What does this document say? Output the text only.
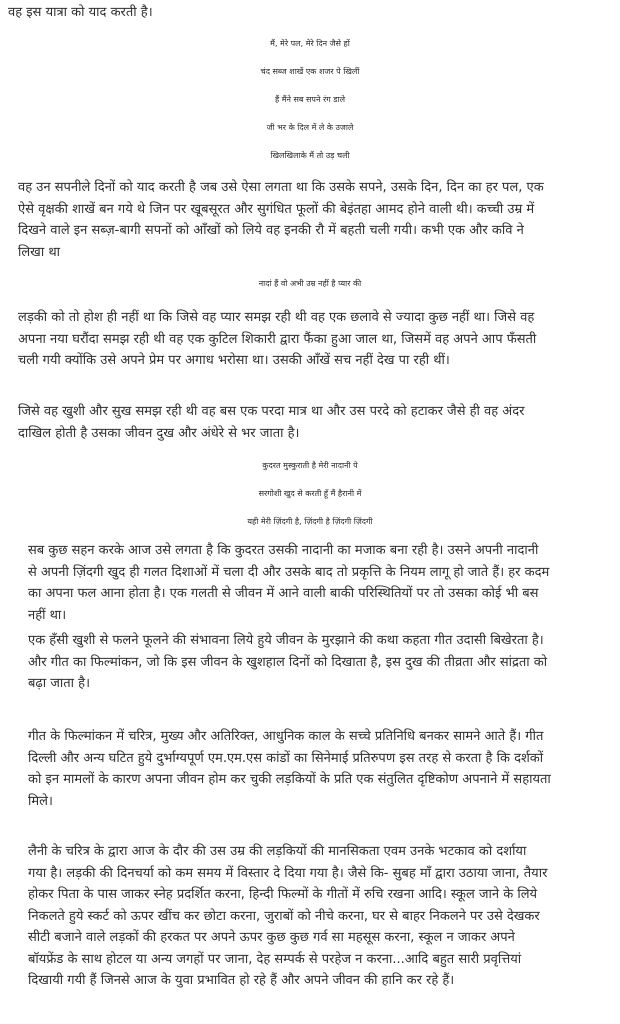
वह इस यात्रा को याद करती है।

मैं, मेरे पल, मेरे दिन जैसे हों
चंद सब्ज शाखें एक शजर पे खिलीं
हैं मैंने सब सपने रंग डाले
जी भर के दिल में ले के उजाले
खिलखिलाके मैं तो उड़ चली

वह उन सपनीले दिनों को याद करती है जब उसे ऐसा लगता था कि उसके सपने, उसके दिन, दिन का हर पल, एक
ऐसे वृक्षकी शाखें बन गये थे जिन पर खूबसूरत और सुगंधित फूलों की बेइंतहा आमद होने वाली थी। कच्ची उम्र में
दिखने वाले इन सब्ज़-बागी सपनों को आँखों को लिये वह इनकी रौ में बहती चली गयी। कभी एक और कवि ने
लिखा था

नादां हैं वो अभी उम्र नहीं है प्यार की

लड़की को तो होश ही नहीं था कि जिसे वह प्यार समझ रही थी वह एक छलावे से ज्यादा कुछ नहीं था। जिसे वह
अपना नया घरौंदा समझ रही थी वह एक कुटिल शिकारी द्वारा फैंका हुआ जाल था, जिसमें वह अपने आप फँसती
चली गयी क्योंकि उसे अपने प्रेम पर अगाध भरोसा था। उसकी आँखें सच नहीं देख पा रही थीं।

जिसे वह खुशी और सुख समझ रही थी वह बस एक परदा मात्र था और उस परदे को हटाकर जैसे ही वह अंदर
दाखिल होती है उसका जीवन दुख और अंधेरे से भर जाता है।

कुदरत मुस्कुराती है मेरी नादानी पे
सरगोशी खुद से करती हूँ मैं हैरानी में
यही मेरी ज़िंदगी है, ज़िंदगी है ज़िंदगी ज़िंदगी

सब कुछ सहन करके आज उसे लगता है कि कुदरत उसकी नादानी का मजाक बना रही है। उसने अपनी नादानी
से अपनी ज़िंदगी खुद ही गलत दिशाओं में चला दी और उसके बाद तो प्रकृत्ति के नियम लागू हो जाते हैं। हर कदम
का अपना फल आना होता है। एक गलती से जीवन में आने वाली बाकी परिस्थितियों पर तो उसका कोई भी बस
नहीं था।

एक हँसी खुशी से फलने फूलने की संभावना लिये हुये जीवन के मुरझाने की कथा कहता गीत उदासी बिखेरता है।
और गीत का फिल्मांकन, जो कि इस जीवन के खुशहाल दिनों को दिखाता है, इस दुख की तीव्रता और सांद्रता को
बढ़ा जाता है।

गीत के फिल्मांकन में चरित्र, मुख्य और अतिरिक्त, आधुनिक काल के सच्चे प्रतिनिधि बनकर सामने आते हैं। गीत
दिल्ली और अन्य घटित हुये दुर्भाग्यपूर्ण एम.एम.एस कांडों का सिनेमाई प्रतिरुपण इस तरह से करता है कि दर्शकों
को इन मामलों के कारण अपना जीवन होम कर चुकी लड़कियों के प्रति एक संतुलित दृष्टिकोण अपनाने में सहायता
मिले।

लैनी के चरित्र के द्वारा आज के दौर की उस उम्र की लड़कियों की मानसिकता एवम उनके भटकाव को दर्शाया
गया है। लड़की की दिनचर्या को कम समय में विस्तार दे दिया गया है। जैसे कि- सुबह माँ द्वारा उठाया जाना, तैयार
होकर पिता के पास जाकर स्नेह प्रदर्शित करना, हिन्दी फिल्मों के गीतों में रुचि रखना आदि। स्कूल जाने के लिये
निकलते हुये स्कर्ट को ऊपर खींच कर छोटा करना, जुराबों को नीचे करना, घर से बाहर निकलने पर उसे देखकर
सीटी बजाने वाले लड़कों की हरकत पर अपने ऊपर कुछ कुछ गर्व सा महसूस करना, स्कूल न जाकर अपने
बॉयफ्रेंड के साथ होटल या अन्य जगहों पर जाना, देह सम्पर्क से परहेज न करना...आदि बहुत सारी प्रवृत्तियां
दिखायी गयी हैं जिनसे आज के युवा प्रभावित हो रहे हैं और अपने जीवन की हानि कर रहे हैं।
